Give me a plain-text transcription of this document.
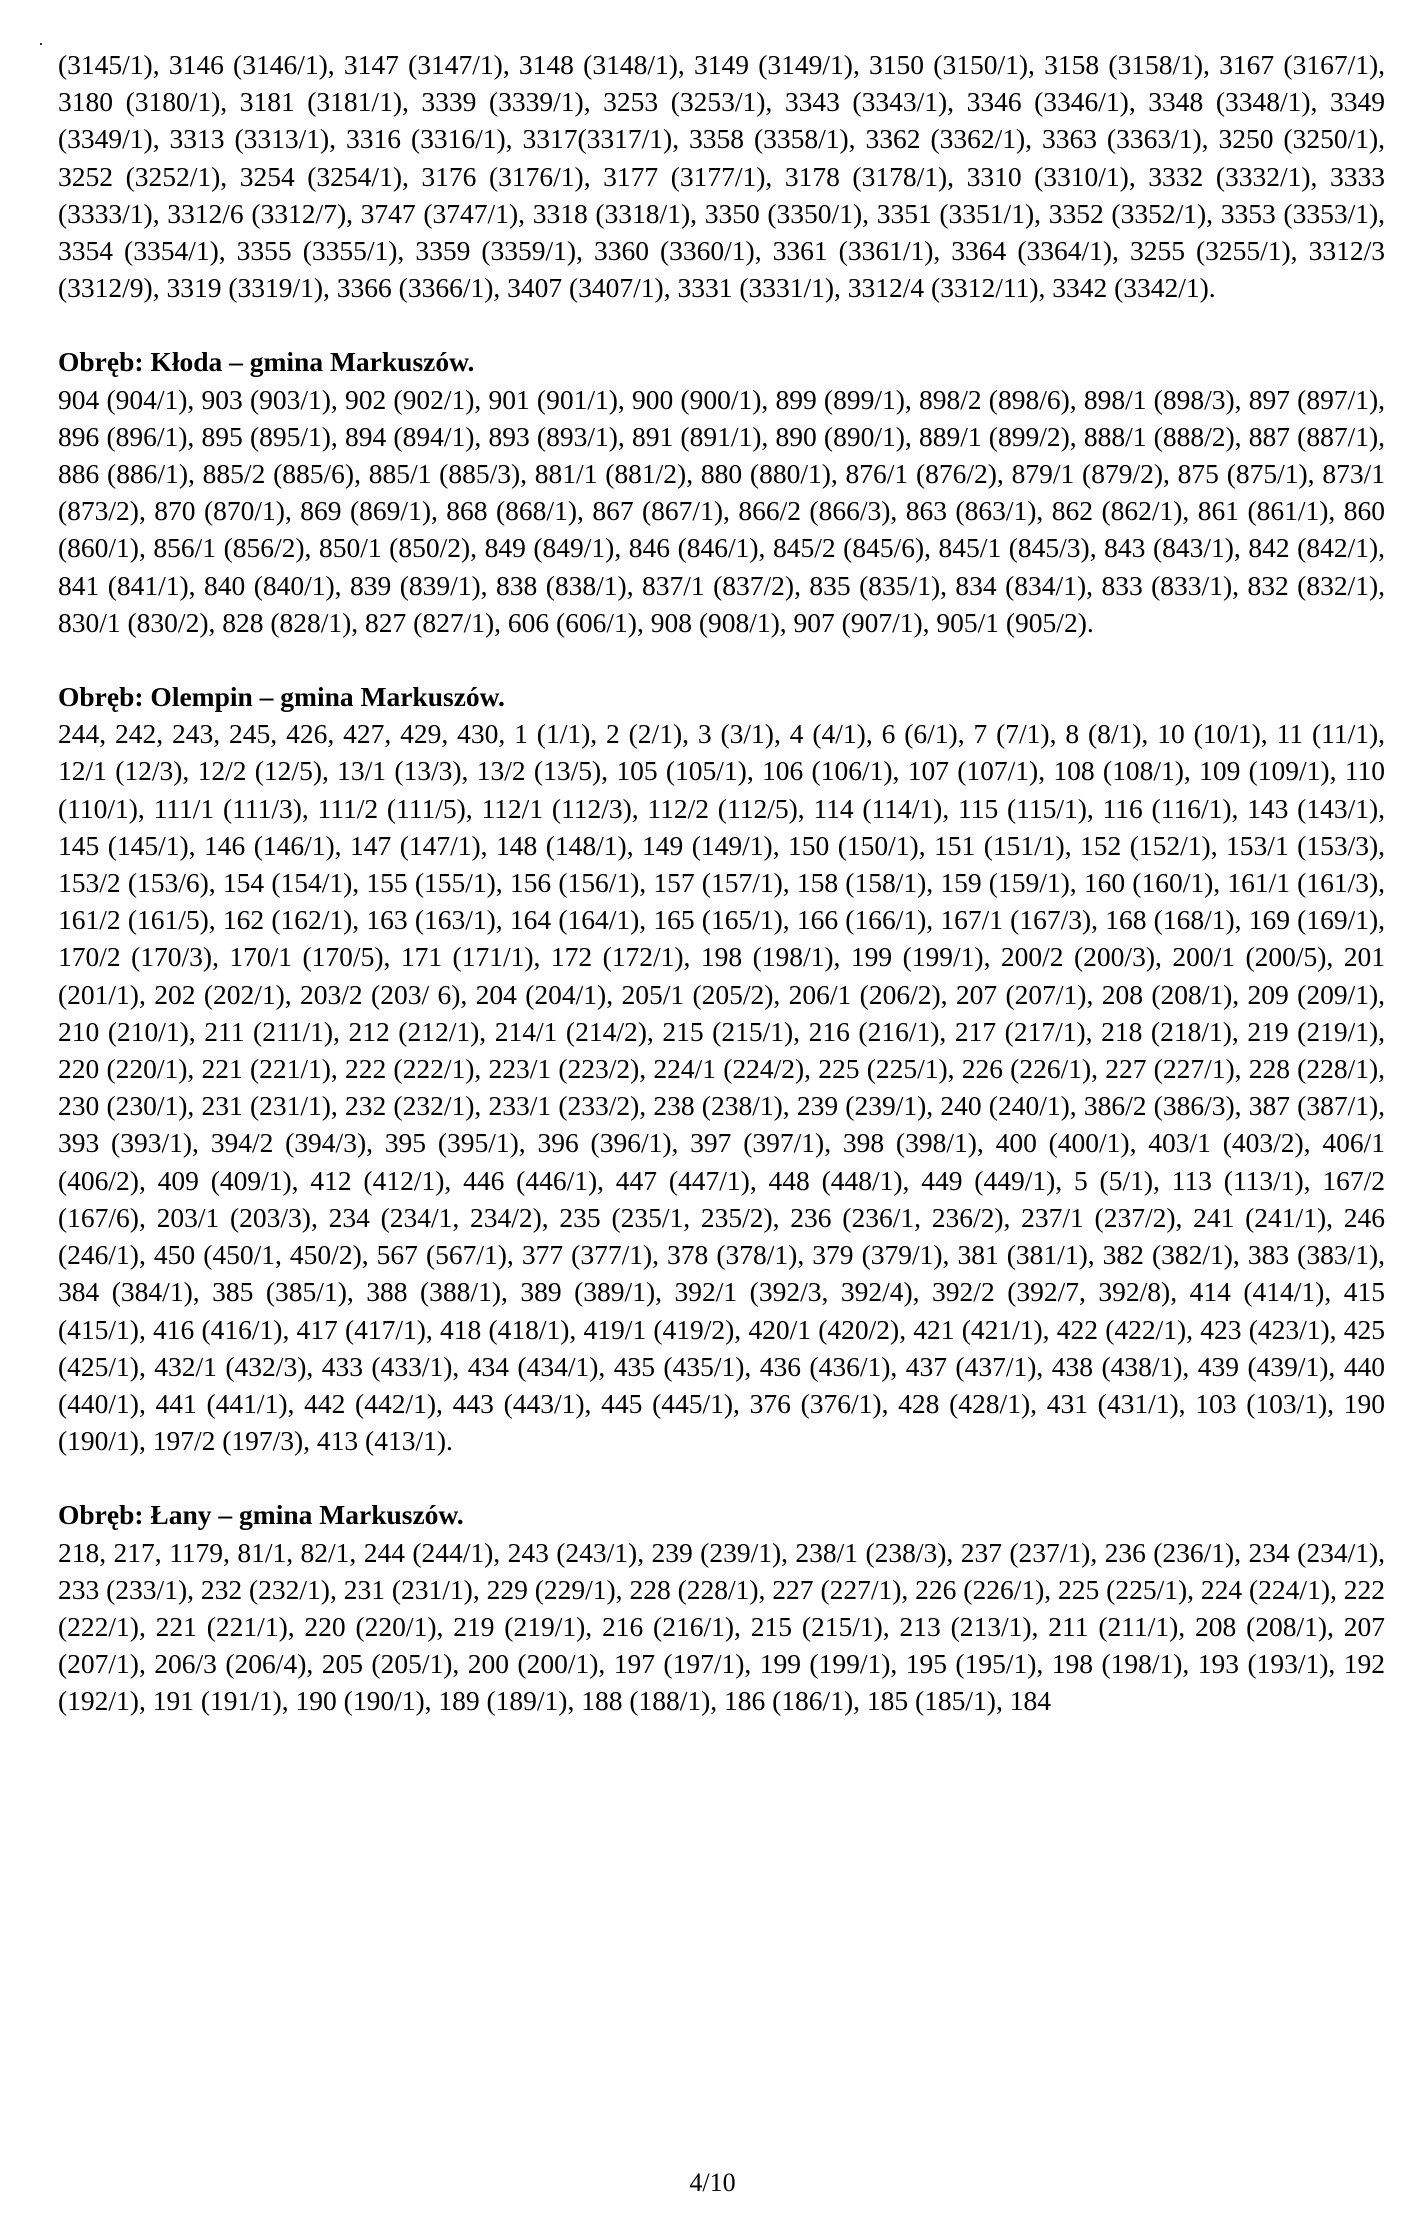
(3145/1), 3146 (3146/1), 3147 (3147/1), 3148 (3148/1), 3149 (3149/1), 3150 (3150/1), 3158 (3158/1), 3167 (3167/1), 3180 (3180/1), 3181 (3181/1), 3339 (3339/1), 3253 (3253/1), 3343 (3343/1), 3346 (3346/1), 3348 (3348/1), 3349 (3349/1), 3313 (3313/1), 3316 (3316/1), 3317(3317/1), 3358 (3358/1), 3362 (3362/1), 3363 (3363/1), 3250 (3250/1), 3252 (3252/1), 3254 (3254/1), 3176 (3176/1), 3177 (3177/1), 3178 (3178/1), 3310 (3310/1), 3332 (3332/1), 3333 (3333/1), 3312/6 (3312/7), 3747 (3747/1), 3318 (3318/1), 3350 (3350/1), 3351 (3351/1), 3352 (3352/1), 3353 (3353/1), 3354 (3354/1), 3355 (3355/1), 3359 (3359/1), 3360 (3360/1), 3361 (3361/1), 3364 (3364/1), 3255 (3255/1), 3312/3 (3312/9), 3319 (3319/1), 3366 (3366/1), 3407 (3407/1), 3331 (3331/1), 3312/4 (3312/11), 3342 (3342/1).

Obręb: Kłoda – gmina Markuszów.

904 (904/1), 903 (903/1), 902 (902/1), 901 (901/1), 900 (900/1), 899 (899/1), 898/2 (898/6), 898/1 (898/3), 897 (897/1), 896 (896/1), 895 (895/1), 894 (894/1), 893 (893/1), 891 (891/1), 890 (890/1), 889/1 (899/2), 888/1 (888/2), 887 (887/1), 886 (886/1), 885/2 (885/6), 885/1 (885/3), 881/1 (881/2), 880 (880/1), 876/1 (876/2), 879/1 (879/2), 875 (875/1), 873/1 (873/2), 870 (870/1), 869 (869/1), 868 (868/1), 867 (867/1), 866/2 (866/3), 863 (863/1), 862 (862/1), 861 (861/1), 860 (860/1), 856/1 (856/2), 850/1 (850/2), 849 (849/1), 846 (846/1), 845/2 (845/6), 845/1 (845/3), 843 (843/1), 842 (842/1), 841 (841/1), 840 (840/1), 839 (839/1), 838 (838/1), 837/1 (837/2), 835 (835/1), 834 (834/1), 833 (833/1), 832 (832/1), 830/1 (830/2), 828 (828/1), 827 (827/1), 606 (606/1), 908 (908/1), 907 (907/1), 905/1 (905/2).

Obręb: Olempin – gmina Markuszów.

244, 242, 243, 245, 426, 427, 429, 430, 1 (1/1), 2 (2/1), 3 (3/1), 4 (4/1), 6 (6/1), 7 (7/1), 8 (8/1), 10 (10/1), 11 (11/1), 12/1 (12/3), 12/2 (12/5), 13/1 (13/3), 13/2 (13/5), 105 (105/1), 106 (106/1), 107 (107/1), 108 (108/1), 109 (109/1), 110 (110/1), 111/1 (111/3), 111/2 (111/5), 112/1 (112/3), 112/2 (112/5), 114 (114/1), 115 (115/1), 116 (116/1), 143 (143/1), 145 (145/1), 146 (146/1), 147 (147/1), 148 (148/1), 149 (149/1), 150 (150/1), 151 (151/1), 152 (152/1), 153/1 (153/3), 153/2 (153/6), 154 (154/1), 155 (155/1), 156 (156/1), 157 (157/1), 158 (158/1), 159 (159/1), 160 (160/1), 161/1 (161/3), 161/2 (161/5), 162 (162/1), 163 (163/1), 164 (164/1), 165 (165/1), 166 (166/1), 167/1 (167/3), 168 (168/1), 169 (169/1), 170/2 (170/3), 170/1 (170/5), 171 (171/1), 172 (172/1), 198 (198/1), 199 (199/1), 200/2 (200/3), 200/1 (200/5), 201 (201/1), 202 (202/1), 203/2 (203/ 6), 204 (204/1), 205/1 (205/2), 206/1 (206/2), 207 (207/1), 208 (208/1), 209 (209/1), 210 (210/1), 211 (211/1), 212 (212/1), 214/1 (214/2), 215 (215/1), 216 (216/1), 217 (217/1), 218 (218/1), 219 (219/1), 220 (220/1), 221 (221/1), 222 (222/1), 223/1 (223/2), 224/1 (224/2), 225 (225/1), 226 (226/1), 227 (227/1), 228 (228/1), 230 (230/1), 231 (231/1), 232 (232/1), 233/1 (233/2), 238 (238/1), 239 (239/1), 240 (240/1), 386/2 (386/3), 387 (387/1), 393 (393/1), 394/2 (394/3), 395 (395/1), 396 (396/1), 397 (397/1), 398 (398/1), 400 (400/1), 403/1 (403/2), 406/1 (406/2), 409 (409/1), 412 (412/1), 446 (446/1), 447 (447/1), 448 (448/1), 449 (449/1), 5 (5/1), 113 (113/1), 167/2 (167/6), 203/1 (203/3), 234 (234/1, 234/2), 235 (235/1, 235/2), 236 (236/1, 236/2), 237/1 (237/2), 241 (241/1), 246 (246/1), 450 (450/1, 450/2), 567 (567/1), 377 (377/1), 378 (378/1), 379 (379/1), 381 (381/1), 382 (382/1), 383 (383/1), 384 (384/1), 385 (385/1), 388 (388/1), 389 (389/1), 392/1 (392/3, 392/4), 392/2 (392/7, 392/8), 414 (414/1), 415 (415/1), 416 (416/1), 417 (417/1), 418 (418/1), 419/1 (419/2), 420/1 (420/2), 421 (421/1), 422 (422/1), 423 (423/1), 425 (425/1), 432/1 (432/3), 433 (433/1), 434 (434/1), 435 (435/1), 436 (436/1), 437 (437/1), 438 (438/1), 439 (439/1), 440 (440/1), 441 (441/1), 442 (442/1), 443 (443/1), 445 (445/1), 376 (376/1), 428 (428/1), 431 (431/1), 103 (103/1), 190 (190/1), 197/2 (197/3), 413 (413/1).

Obręb: Łany – gmina Markuszów.

218, 217, 1179, 81/1, 82/1, 244 (244/1), 243 (243/1), 239 (239/1), 238/1 (238/3), 237 (237/1), 236 (236/1), 234 (234/1), 233 (233/1), 232 (232/1), 231 (231/1), 229 (229/1), 228 (228/1), 227 (227/1), 226 (226/1), 225 (225/1), 224 (224/1), 222 (222/1), 221 (221/1), 220 (220/1), 219 (219/1), 216 (216/1), 215 (215/1), 213 (213/1), 211 (211/1), 208 (208/1), 207 (207/1), 206/3 (206/4), 205 (205/1), 200 (200/1), 197 (197/1), 199 (199/1), 195 (195/1), 198 (198/1), 193 (193/1), 192 (192/1), 191 (191/1), 190 (190/1), 189 (189/1), 188 (188/1), 186 (186/1), 185 (185/1), 184

4/10
